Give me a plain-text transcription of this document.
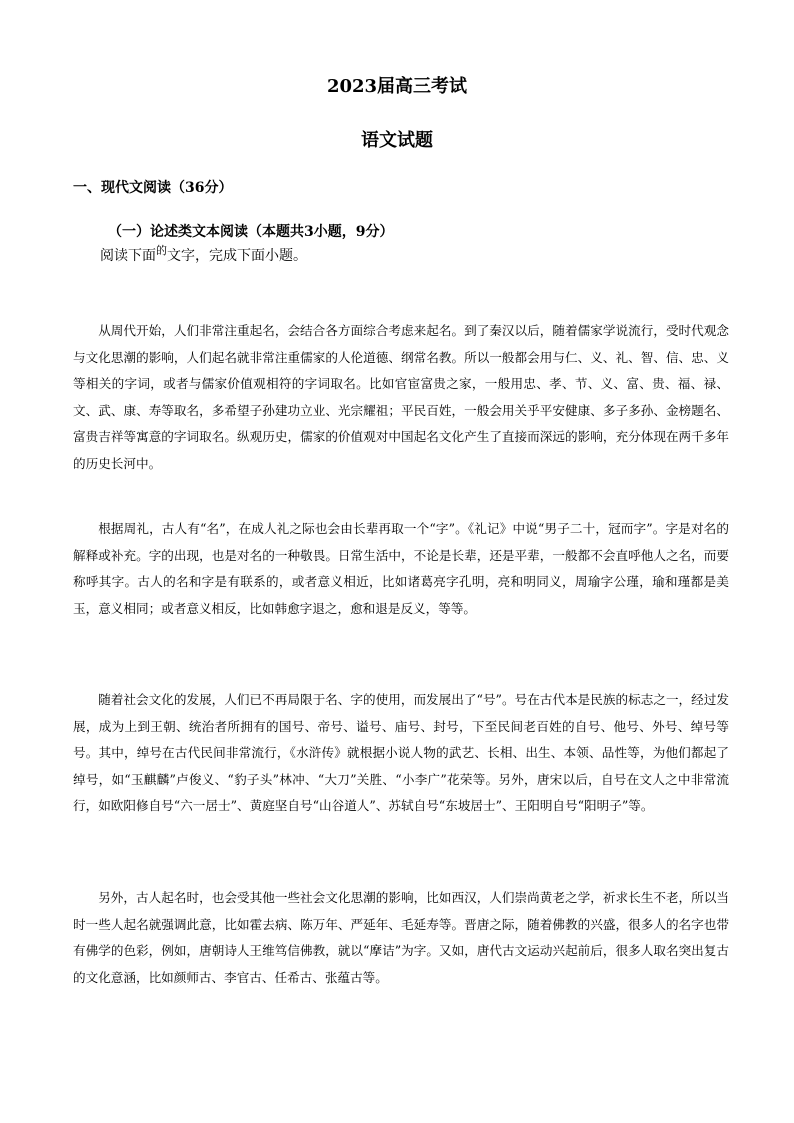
2023届高三考试
语文试题
一、现代文阅读（36分）
（一）论述类文本阅读（本题共3小题，9分）
阅读下面$^的$文字，完成下面小题。

从周代开始，人们非常注重起名，会结合各方面综合考虑来起名。到了秦汉以后，随着儒家学说流行，受时代观念与文化思潮的影响，人们起名就非常注重儒家的人伦道德、纲常名教。所以一般都会用与仁、义、礼、智、信、忠、义等相关的字词，或者与儒家价值观相符的字词取名。比如官宦富贵之家，一般用忠、孝、节、义、富、贵、福、禄、文、武、康、寿等取名，多希望子孙建功立业、光宗耀祖；平民百姓，一般会用关乎平安健康、多子多孙、金榜题名、富贵吉祥等寓意的字词取名。纵观历史，儒家的价值观对中国起名文化产生了直接而深远的影响，充分体现在两千多年的历史长河中。

根据周礼，古人有“名”，在成人礼之际也会由长辈再取一个“字”。《礼记》中说“男子二十，冠而字”。字是对名的解释或补充。字的出现，也是对名的一种敬畏。日常生活中，不论是长辈，还是平辈，一般都不会直呼他人之名，而要称呼其字。古人的名和字是有联系的，或者意义相近，比如诸葛亮字孔明，亮和明同义，周瑜字公瑾，瑜和瑾都是美玉，意义相同；或者意义相反，比如韩愈字退之，愈和退是反义，等等。

随着社会文化的发展，人们已不再局限于名、字的使用，而发展出了“号”。号在古代本是民族的标志之一，经过发展，成为上到王朝、统治者所拥有的国号、帝号、谥号、庙号、封号，下至民间老百姓的自号、他号、外号、绰号等号。其中，绰号在古代民间非常流行，《水浒传》就根据小说人物的武艺、长相、出生、本领、品性等，为他们都起了绰号，如“玉麒麟”卢俊义、“豹子头”林冲、“大刀”关胜、“小李广”花荣等。另外，唐宋以后，自号在文人之中非常流行，如欧阳修自号“六一居士”、黄庭坚自号“山谷道人”、苏轼自号“东坡居士”、王阳明自号“阳明子”等。

另外，古人起名时，也会受其他一些社会文化思潮的影响，比如西汉，人们崇尚黄老之学，祈求长生不老，所以当时一些人起名就强调此意，比如霍去病、陈万年、严延年、毛延寿等。晋唐之际，随着佛教的兴盛，很多人的名字也带有佛学的色彩，例如，唐朝诗人王维笃信佛教，就以“摩诘”为字。又如，唐代古文运动兴起前后，很多人取名突出复古的文化意涵，比如颜师古、李官古、任希古、张蕴古等。
